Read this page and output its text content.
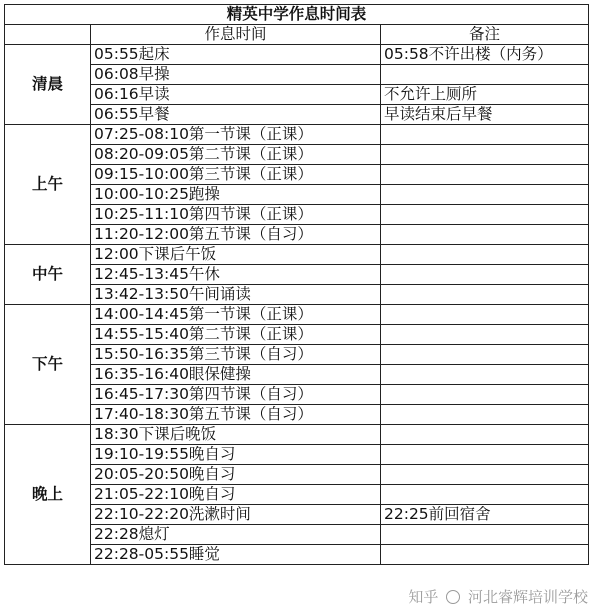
精英中学作息时间表		
	作息时间	备注
清晨	05:55起床	05:58不许出楼（内务）
	06:08早操	
	06:16早读	不允许上厕所
	06:55早餐	早读结束后早餐
上午	07:25-08:10第一节课（正课）	
	08:20-09:05第二节课（正课）	
	09:15-10:00第三节课（正课）	
	10:00-10:25跑操	
	10:25-11:10第四节课（正课）	
	11:20-12:00第五节课（自习）	
中午	12:00下课后午饭	
	12:45-13:45午休	
	13:42-13:50午间诵读	
下午	14:00-14:45第一节课（正课）	
	14:55-15:40第二节课（正课）	
	15:50-16:35第三节课（自习）	
	16:35-16:40眼保健操	
	16:45-17:30第四节课（自习）	
	17:40-18:30第五节课（自习）	
晚上	18:30下课后晚饭	
	19:10-19:55晚自习	
	20:05-20:50晚自习	
	21:05-22:10晚自习	
	22:10-22:20洗漱时间	22:25前回宿舍
	22:28熄灯	
	22:28-05:55睡觉	
知乎 河北睿辉培训学校
